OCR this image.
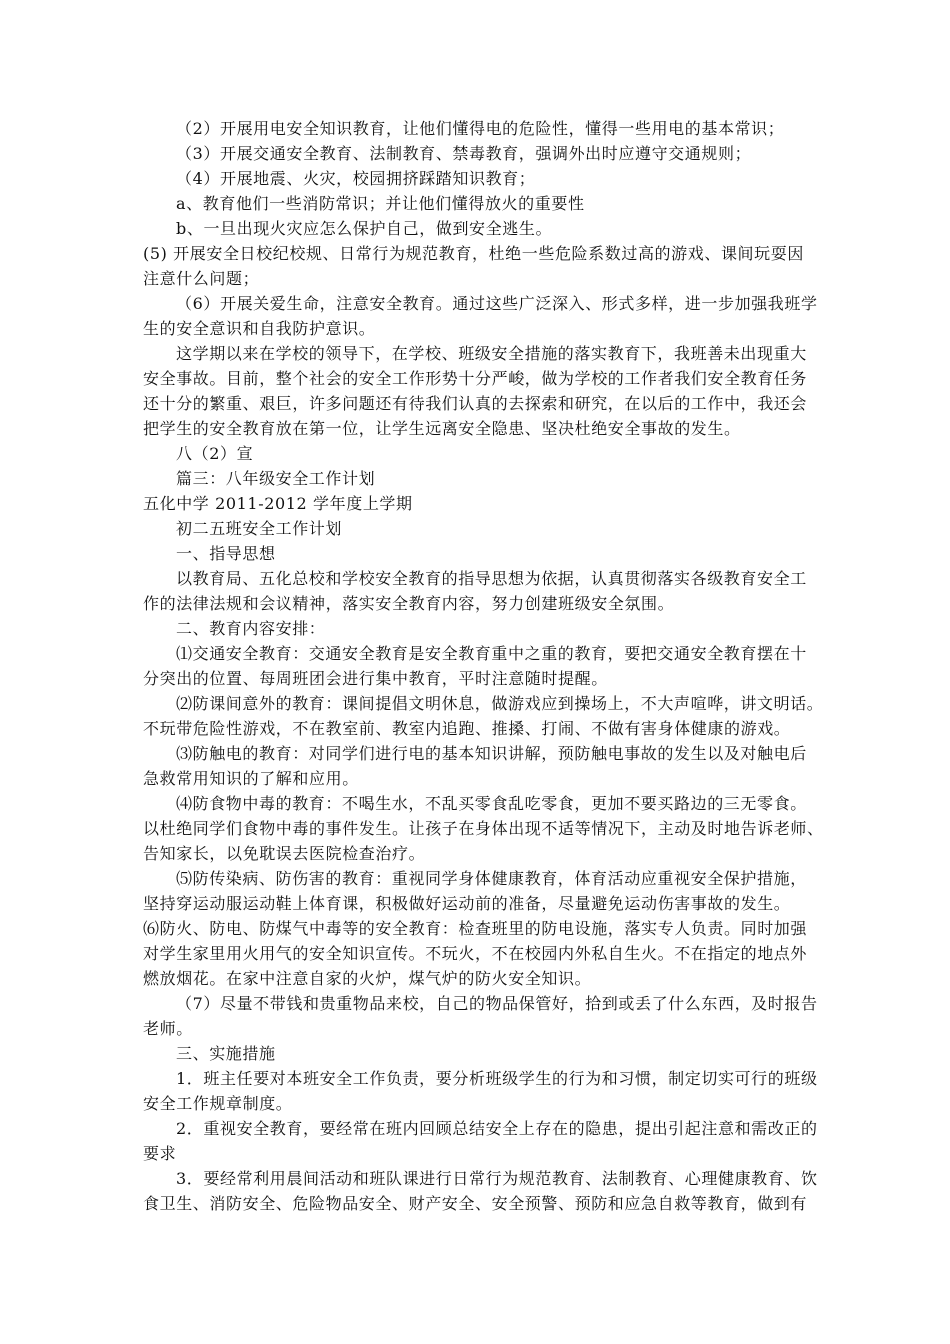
（2）开展用电安全知识教育，让他们懂得电的危险性，懂得一些用电的基本常识；
（3）开展交通安全教育、法制教育、禁毒教育，强调外出时应遵守交通规则；
（4）开展地震、火灾，校园拥挤踩踏知识教育；
a、教育他们一些消防常识；并让他们懂得放火的重要性
b、一旦出现火灾应怎么保护自己，做到安全逃生。
(5) 开展安全日校纪校规、日常行为规范教育，杜绝一些危险系数过高的游戏、课间玩耍因
注意什么问题；
（6）开展关爱生命，注意安全教育。通过这些广泛深入、形式多样，进一步加强我班学
生的安全意识和自我防护意识。
这学期以来在学校的领导下，在学校、班级安全措施的落实教育下，我班善未出现重大
安全事故。目前，整个社会的安全工作形势十分严峻，做为学校的工作者我们安全教育任务
还十分的繁重、艰巨，许多问题还有待我们认真的去探索和研究，在以后的工作中，我还会
把学生的安全教育放在第一位，让学生远离安全隐患、坚决杜绝安全事故的发生。
八（2）宣
篇三：八年级安全工作计划
五化中学 2011-2012 学年度上学期
初二五班安全工作计划
一、指导思想
以教育局、五化总校和学校安全教育的指导思想为依据，认真贯彻落实各级教育安全工
作的法律法规和会议精神，落实安全教育内容，努力创建班级安全氛围。
二、教育内容安排：
⑴交通安全教育：交通安全教育是安全教育重中之重的教育，要把交通安全教育摆在十
分突出的位置、每周班团会进行集中教育，平时注意随时提醒。
⑵防课间意外的教育：课间提倡文明休息，做游戏应到操场上，不大声喧哗，讲文明话。
不玩带危险性游戏，不在教室前、教室内追跑、推搡、打闹、不做有害身体健康的游戏。
⑶防触电的教育：对同学们进行电的基本知识讲解，预防触电事故的发生以及对触电后
急救常用知识的了解和应用。
⑷防食物中毒的教育：不喝生水，不乱买零食乱吃零食，更加不要买路边的三无零食。
以杜绝同学们食物中毒的事件发生。让孩子在身体出现不适等情况下，主动及时地告诉老师、
告知家长，以免耽误去医院检查治疗。
⑸防传染病、防伤害的教育：重视同学身体健康教育，体育活动应重视安全保护措施，
坚持穿运动服运动鞋上体育课，积极做好运动前的准备，尽量避免运动伤害事故的发生。
⑹防火、防电、防煤气中毒等的安全教育：检查班里的防电设施，落实专人负责。同时加强
对学生家里用火用气的安全知识宣传。不玩火，不在校园内外私自生火。不在指定的地点外
燃放烟花。在家中注意自家的火炉，煤气炉的防火安全知识。
（7）尽量不带钱和贵重物品来校，自己的物品保管好，拾到或丢了什么东西，及时报告
老师。
三、实施措施
1．班主任要对本班安全工作负责，要分析班级学生的行为和习惯，制定切实可行的班级
安全工作规章制度。
2．重视安全教育，要经常在班内回顾总结安全上存在的隐患，提出引起注意和需改正的
要求
3．要经常利用晨间活动和班队课进行日常行为规范教育、法制教育、心理健康教育、饮
食卫生、消防安全、危险物品安全、财产安全、安全预警、预防和应急自救等教育，做到有
